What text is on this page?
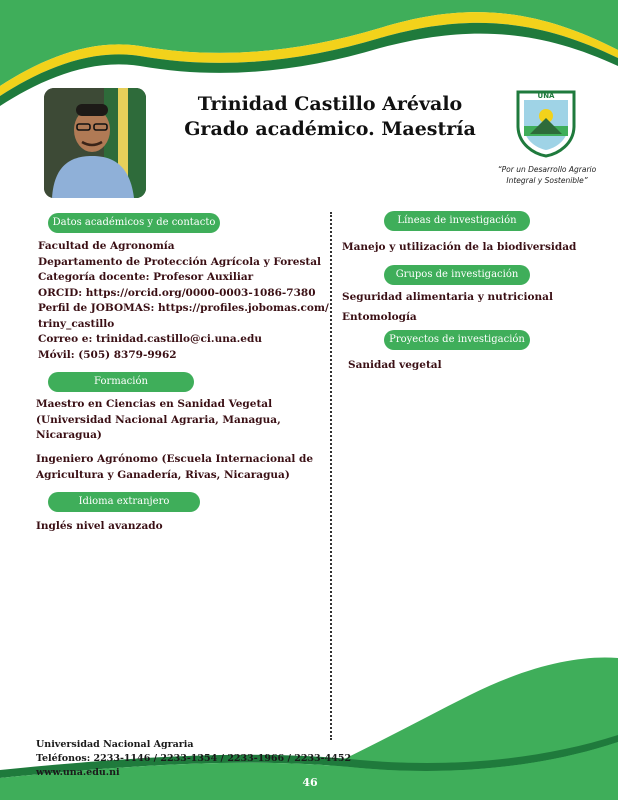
Trinidad Castillo Arévalo
Grado académico. Maestría
UNA
“Por un Desarrollo Agrario
Integral y Sostenible”
Datos académicos y de contacto
Facultad de Agronomía
Departamento de Protección Agrícola y Forestal
Categoría docente: Profesor Auxiliar
ORCID: https://orcid.org/0000-0003-1086-7380
Perfil de JOBOMAS: https://profiles.jobomas.com/
triny_castillo
Correo e: trinidad.castillo@ci.una.edu
Móvil: (505) 8379-9962
Formación
Maestro en Ciencias en Sanidad Vegetal
(Universidad Nacional Agraria, Managua,
Nicaragua)
Ingeniero Agrónomo (Escuela Internacional de
Agricultura y Ganadería, Rivas, Nicaragua)
Idioma extranjero
Inglés nivel avanzado
Líneas de investigación
Manejo y utilización de la biodiversidad
Grupos de investigación
Seguridad alimentaria y nutricional
Entomología
Proyectos de investigación
Sanidad vegetal
Universidad Nacional Agraria
Teléfonos: 2233-1146 / 2233-1354 / 2233-1966 / 2233-4452
www.una.edu.ni
46
